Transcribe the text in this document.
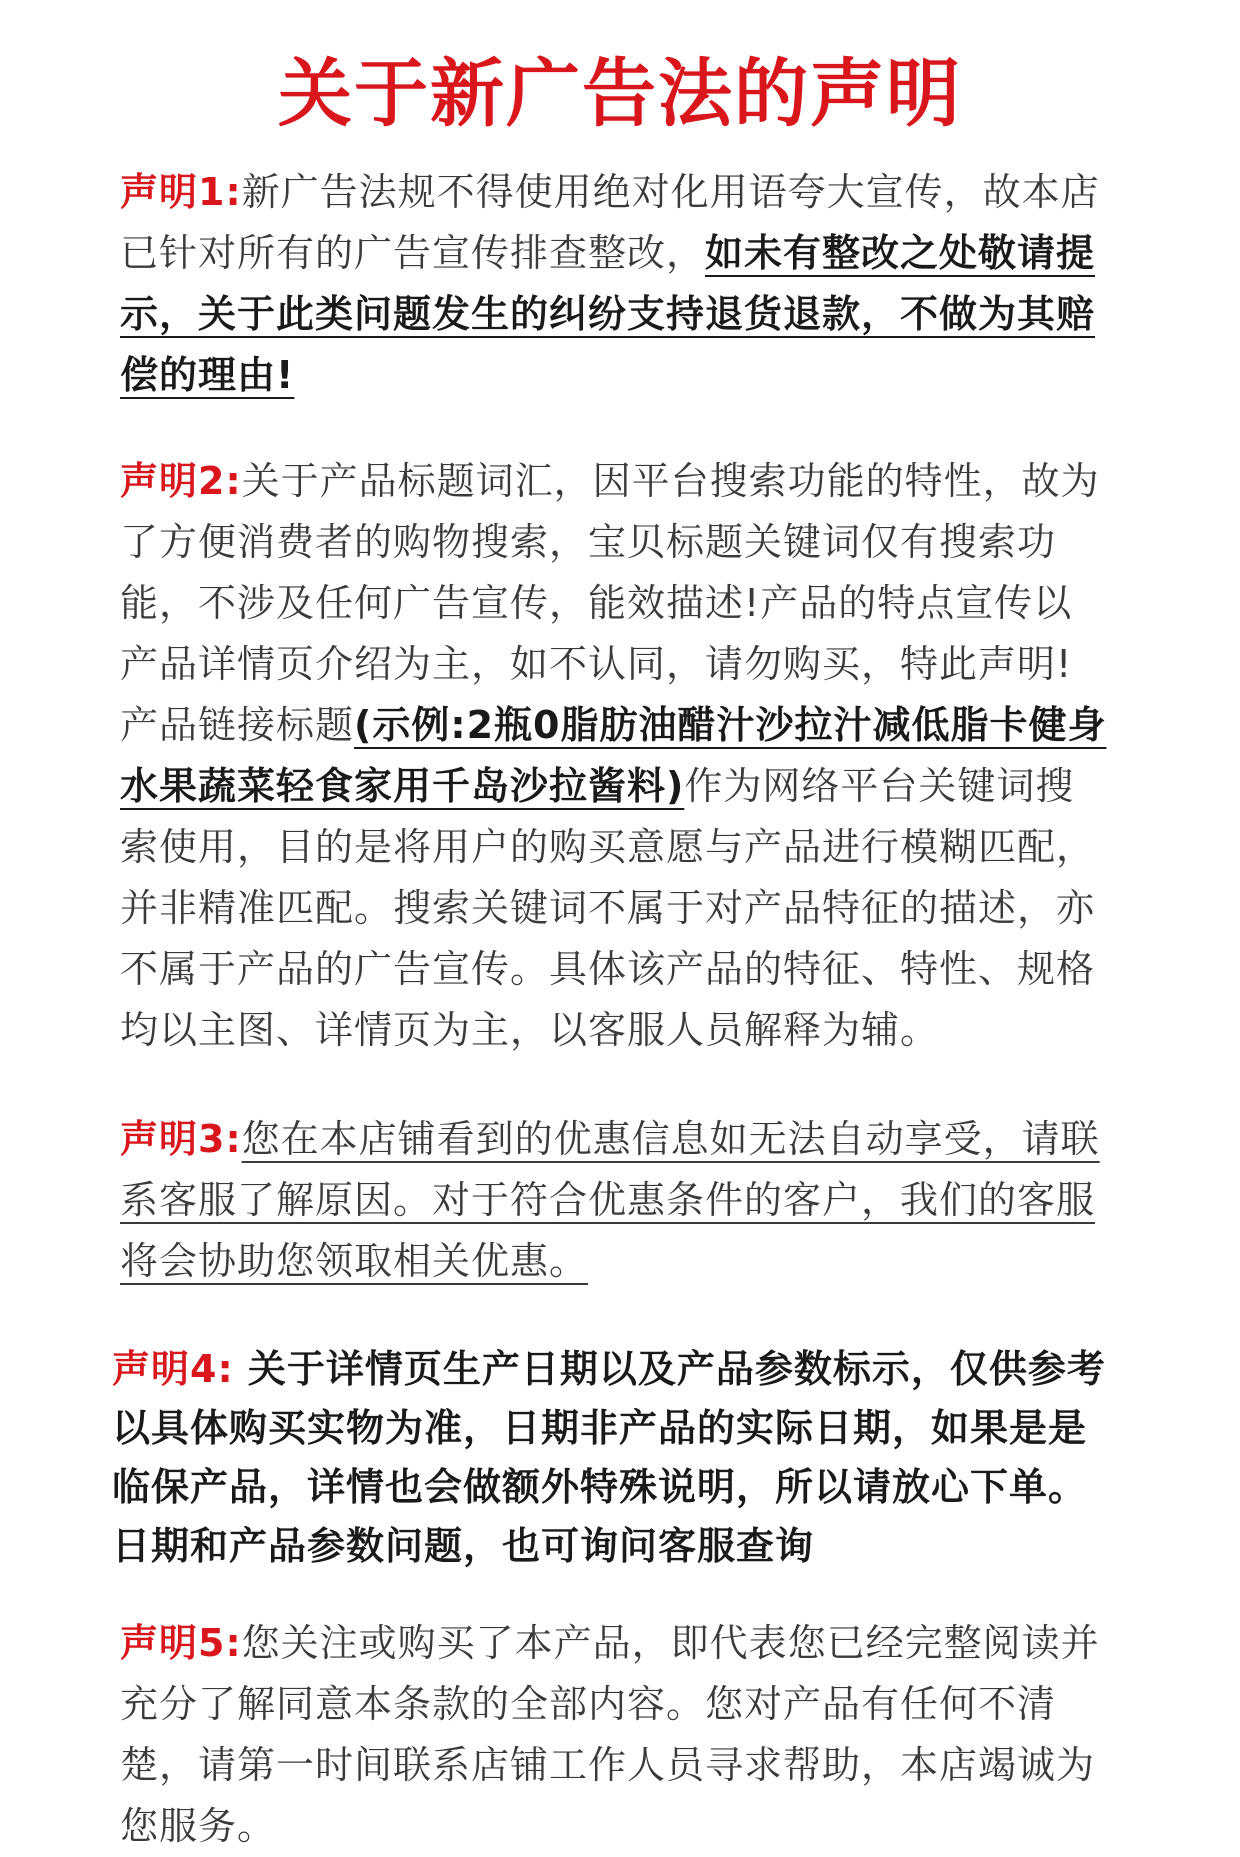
关于新广告法的声明
声明1:新广告法规不得使用绝对化用语夸大宣传，故本店已针对所有的广告宣传排查整改，如未有整改之处敬请提示，关于此类问题发生的纠纷支持退货退款，不做为其赔偿的理由!
声明2:关于产品标题词汇，因平台搜索功能的特性，故为了方便消费者的购物搜索，宝贝标题关键词仅有搜索功能，不涉及任何广告宣传，能效描述!产品的特点宣传以产品详情页介绍为主，如不认同，请勿购买，特此声明!产品链接标题(示例:2瓶0脂肪油醋汁沙拉汁减低脂卡健身水果蔬菜轻食家用千岛沙拉酱料)作为网络平台关键词搜索使用，目的是将用户的购买意愿与产品进行模糊匹配，并非精准匹配。搜索关键词不属于对产品特征的描述，亦不属于产品的广告宣传。具体该产品的特征、特性、规格均以主图、详情页为主，以客服人员解释为辅。
声明3:您在本店铺看到的优惠信息如无法自动享受，请联系客服了解原因。对于符合优惠条件的客户，我们的客服将会协助您领取相关优惠。
声明4: 关于详情页生产日期以及产品参数标示，仅供参考以具体购买实物为准，日期非产品的实际日期，如果是是临保产品，详情也会做额外特殊说明，所以请放心下单。日期和产品参数问题，也可询问客服查询
声明5:您关注或购买了本产品，即代表您已经完整阅读并充分了解同意本条款的全部内容。您对产品有任何不清楚，请第一时间联系店铺工作人员寻求帮助，本店竭诚为您服务。
